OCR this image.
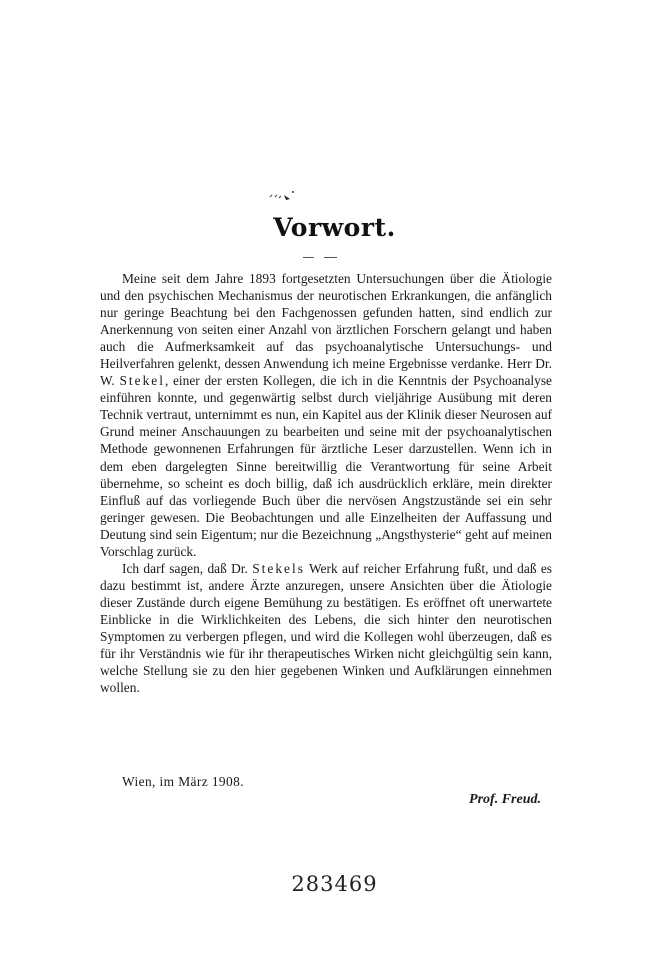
Vorwort.

Meine seit dem Jahre 1893 fortgesetzten Untersuchungen über die Ätiologie und den psychischen Mechanismus der neurotischen Erkrankungen, die anfänglich nur geringe Beachtung bei den Fachgenossen gefunden hatten, sind endlich zur Anerkennung von seiten einer Anzahl von ärztlichen Forschern gelangt und haben auch die Aufmerksamkeit auf das psychoanalytische Untersuchungs- und Heilverfahren gelenkt, dessen Anwendung ich meine Ergebnisse verdanke. Herr Dr. W. Stekel, einer der ersten Kollegen, die ich in die Kenntnis der Psychoanalyse einführen konnte, und gegenwärtig selbst durch vieljährige Ausübung mit deren Technik vertraut, unternimmt es nun, ein Kapitel aus der Klinik dieser Neurosen auf Grund meiner Anschauungen zu bearbeiten und seine mit der psychoanalytischen Methode gewonnenen Erfahrungen für ärztliche Leser darzustellen. Wenn ich in dem eben dargelegten Sinne bereitwillig die Verantwortung für seine Arbeit übernehme, so scheint es doch billig, daß ich ausdrücklich erkläre, mein direkter Einfluß auf das vorliegende Buch über die nervösen Angstzustände sei ein sehr geringer gewesen. Die Beobachtungen und alle Einzelheiten der Auffassung und Deutung sind sein Eigentum; nur die Bezeichnung „Angsthysterie“ geht auf meinen Vorschlag zurück.

Ich darf sagen, daß Dr. Stekels Werk auf reicher Erfahrung fußt, und daß es dazu bestimmt ist, andere Ärzte anzuregen, unsere Ansichten über die Ätiologie dieser Zustände durch eigene Bemühung zu bestätigen. Es eröffnet oft unerwartete Einblicke in die Wirklichkeiten des Lebens, die sich hinter den neurotischen Symptomen zu verbergen pflegen, und wird die Kollegen wohl überzeugen, daß es für ihr Verständnis wie für ihr therapeutisches Wirken nicht gleichgültig sein kann, welche Stellung sie zu den hier gegebenen Winken und Aufklärungen einnehmen wollen.

Wien, im März 1908.
Prof. Freud.
283469
